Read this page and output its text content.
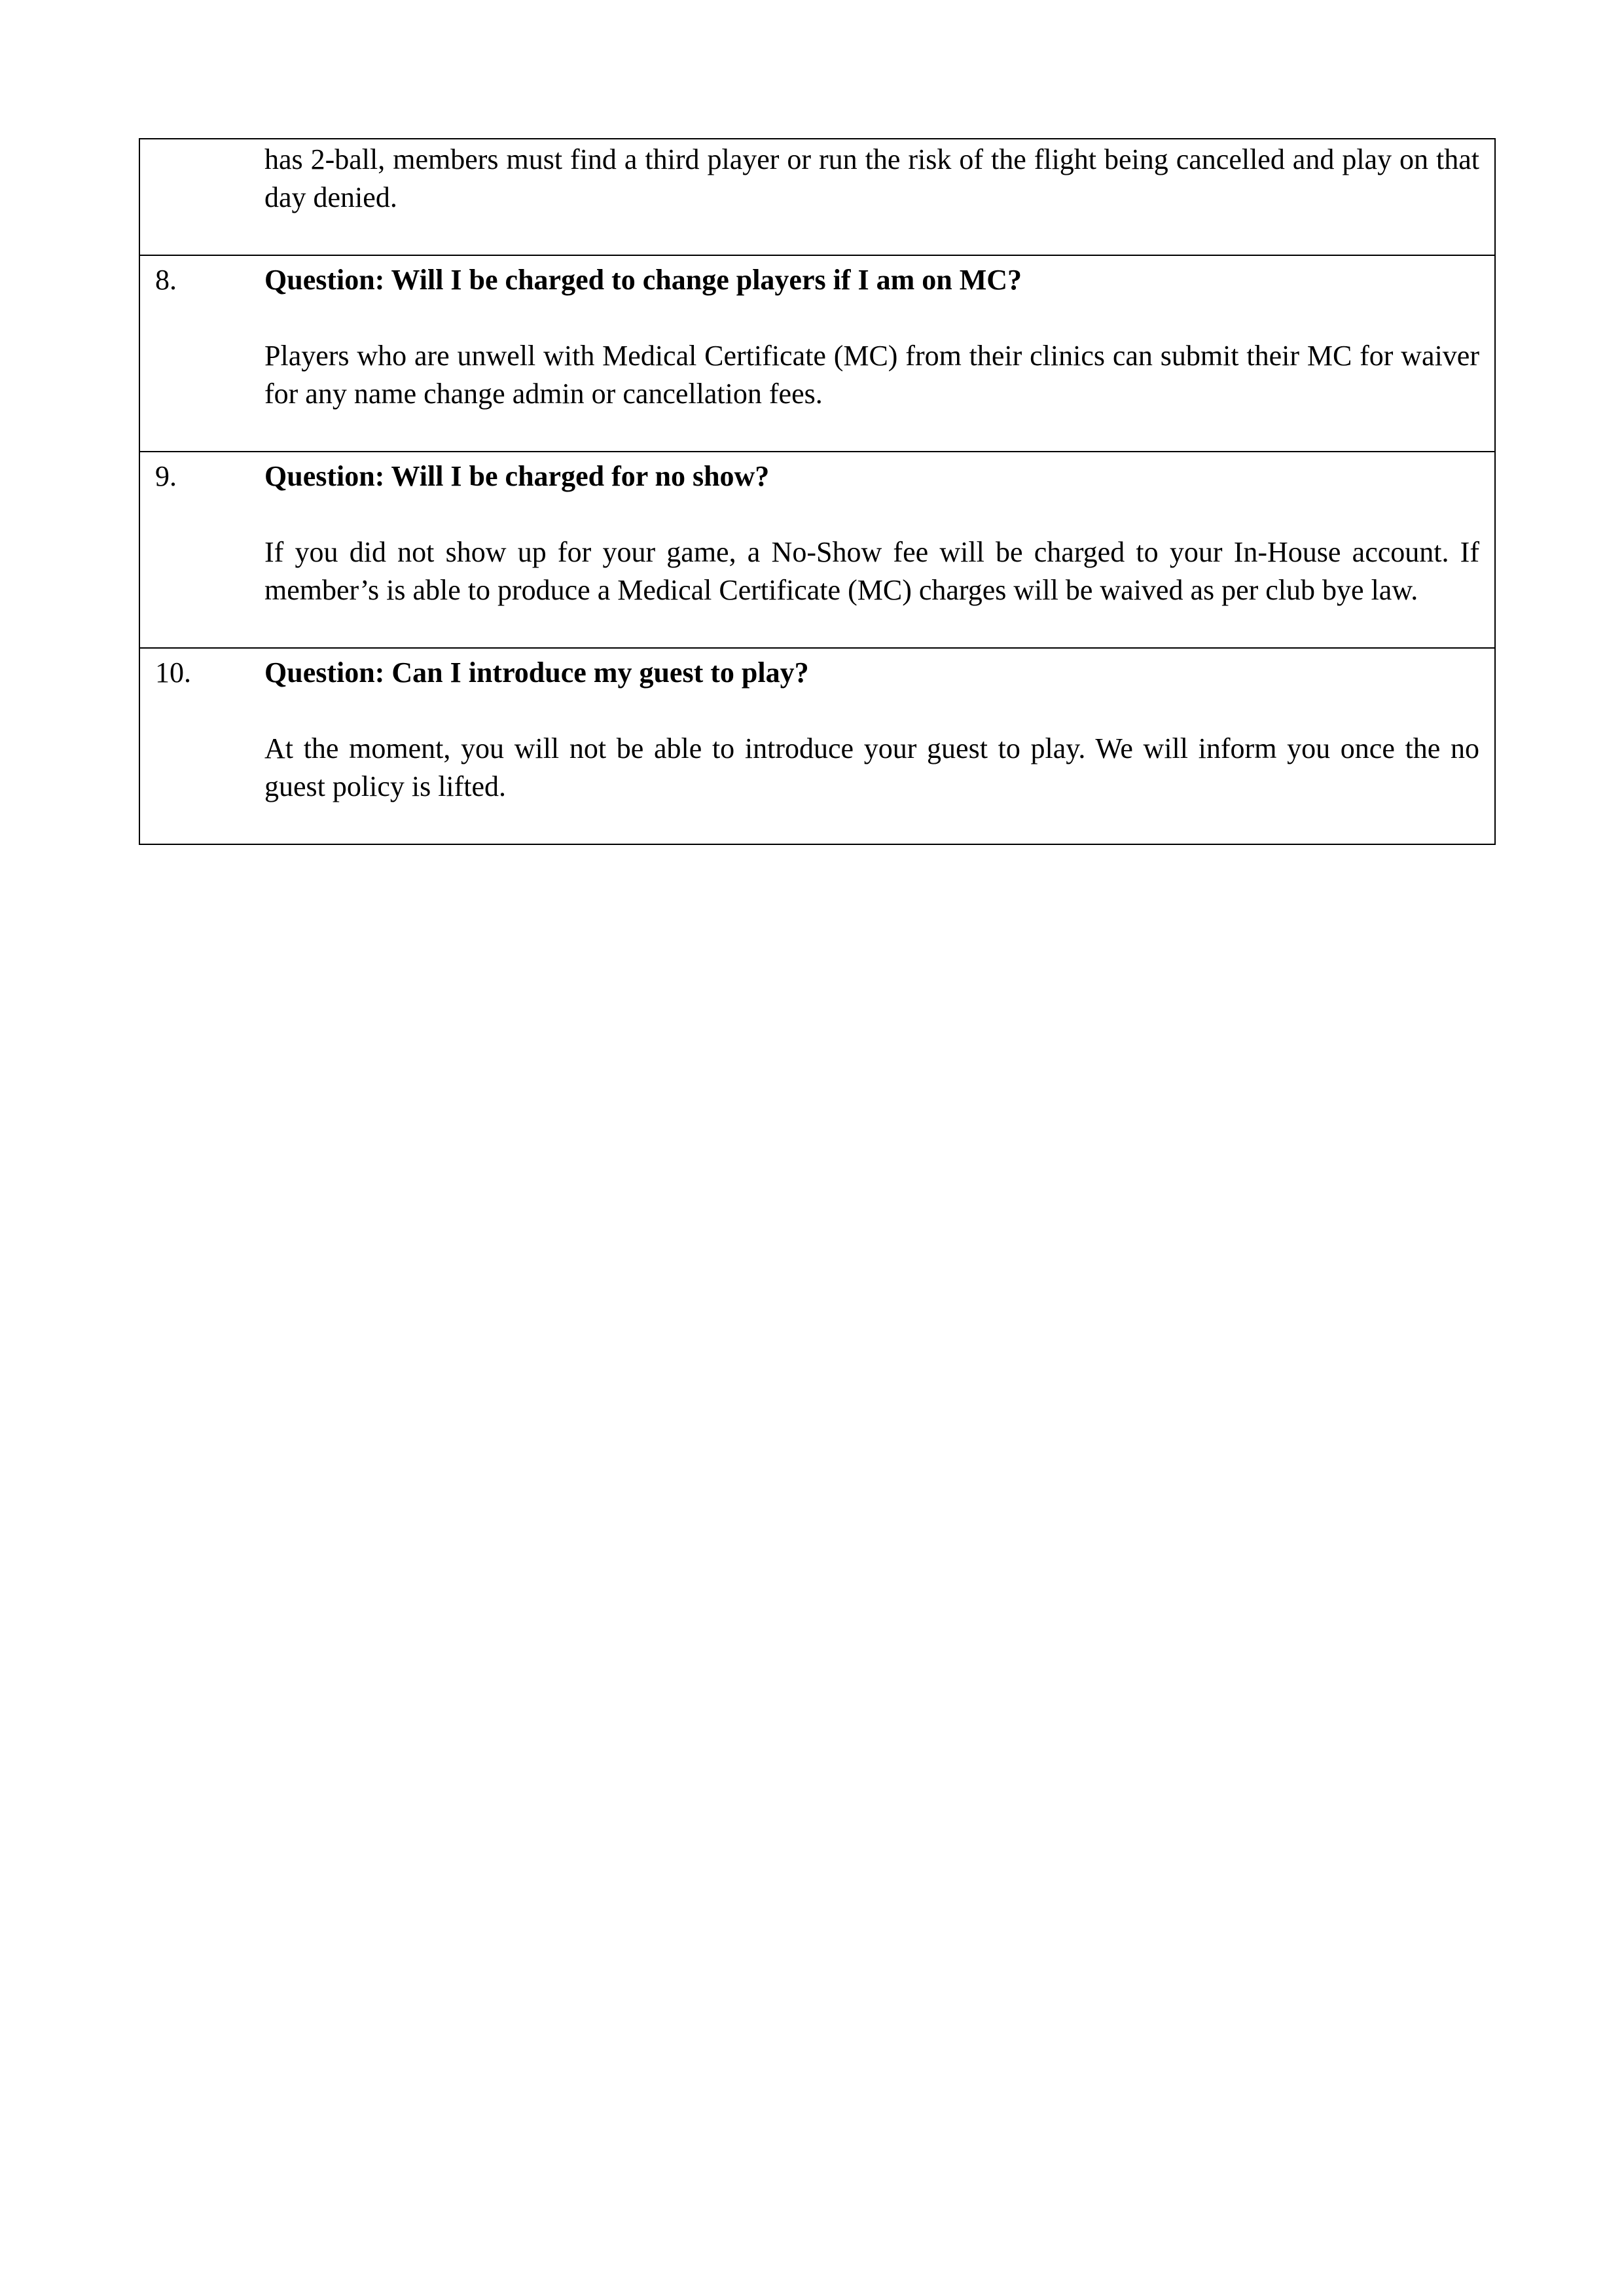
	has 2-ball, members must find a third player or run the risk of the flight being cancelled and play on that day denied.
8.	Question: Will I be charged to change players if I am on MC?
Players who are unwell with Medical Certificate (MC) from their clinics can submit their MC for waiver for any name change admin or cancellation fees.

9.	Question: Will I be charged for no show?
If you did not show up for your game, a No-Show fee will be charged to your In-House account. If member’s is able to produce a Medical Certificate (MC) charges will be waived as per club bye law.

10.	Question: Can I introduce my guest to play?
At the moment, you will not be able to introduce your guest to play. We will inform you once the no guest policy is lifted.
